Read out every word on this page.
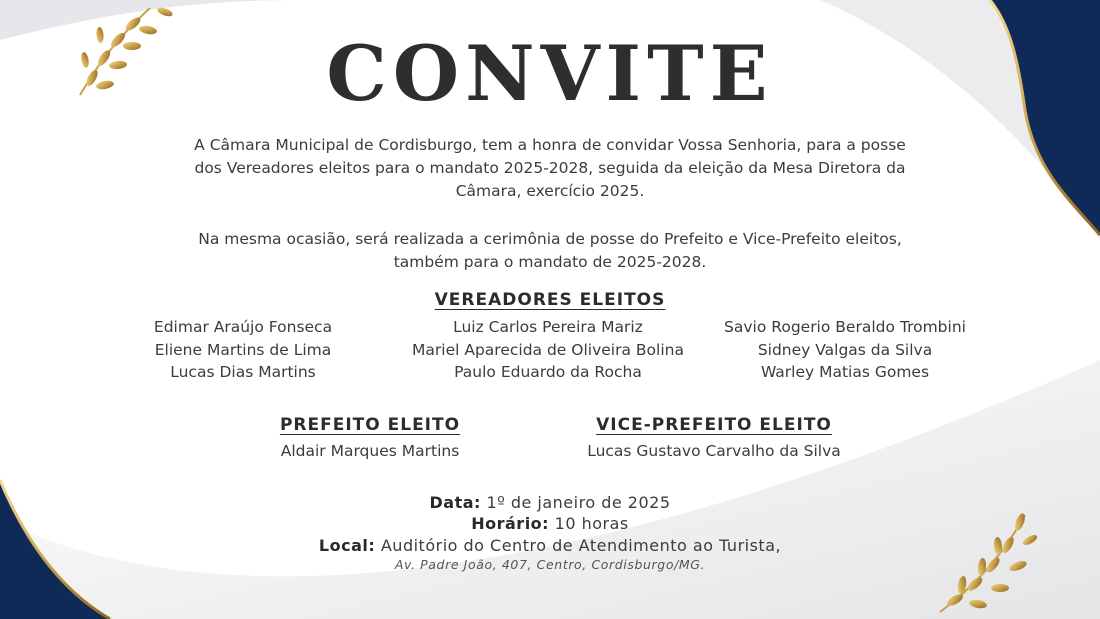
CONVITE
A Câmara Municipal de Cordisburgo, tem a honra de convidar Vossa Senhoria, para a posse
dos Vereadores eleitos para o mandato 2025-2028, seguida da eleição da Mesa Diretora da
Câmara, exercício 2025.
Na mesma ocasião, será realizada a cerimônia de posse do Prefeito e Vice-Prefeito eleitos,
também para o mandato de 2025-2028.
VEREADORES ELEITOS
Edimar Araújo Fonseca
Eliene Martins de Lima
Lucas Dias Martins
Luiz Carlos Pereira Mariz
Mariel Aparecida de Oliveira Bolina
Paulo Eduardo da Rocha
Savio Rogerio Beraldo Trombini
Sidney Valgas da Silva
Warley Matias Gomes
PREFEITO ELEITO
Aldair Marques Martins
VICE-PREFEITO ELEITO
Lucas Gustavo Carvalho da Silva
Data: 1º de janeiro de 2025
Horário: 10 horas
Local: Auditório do Centro de Atendimento ao Turista,
Av. Padre João, 407, Centro, Cordisburgo/MG.
